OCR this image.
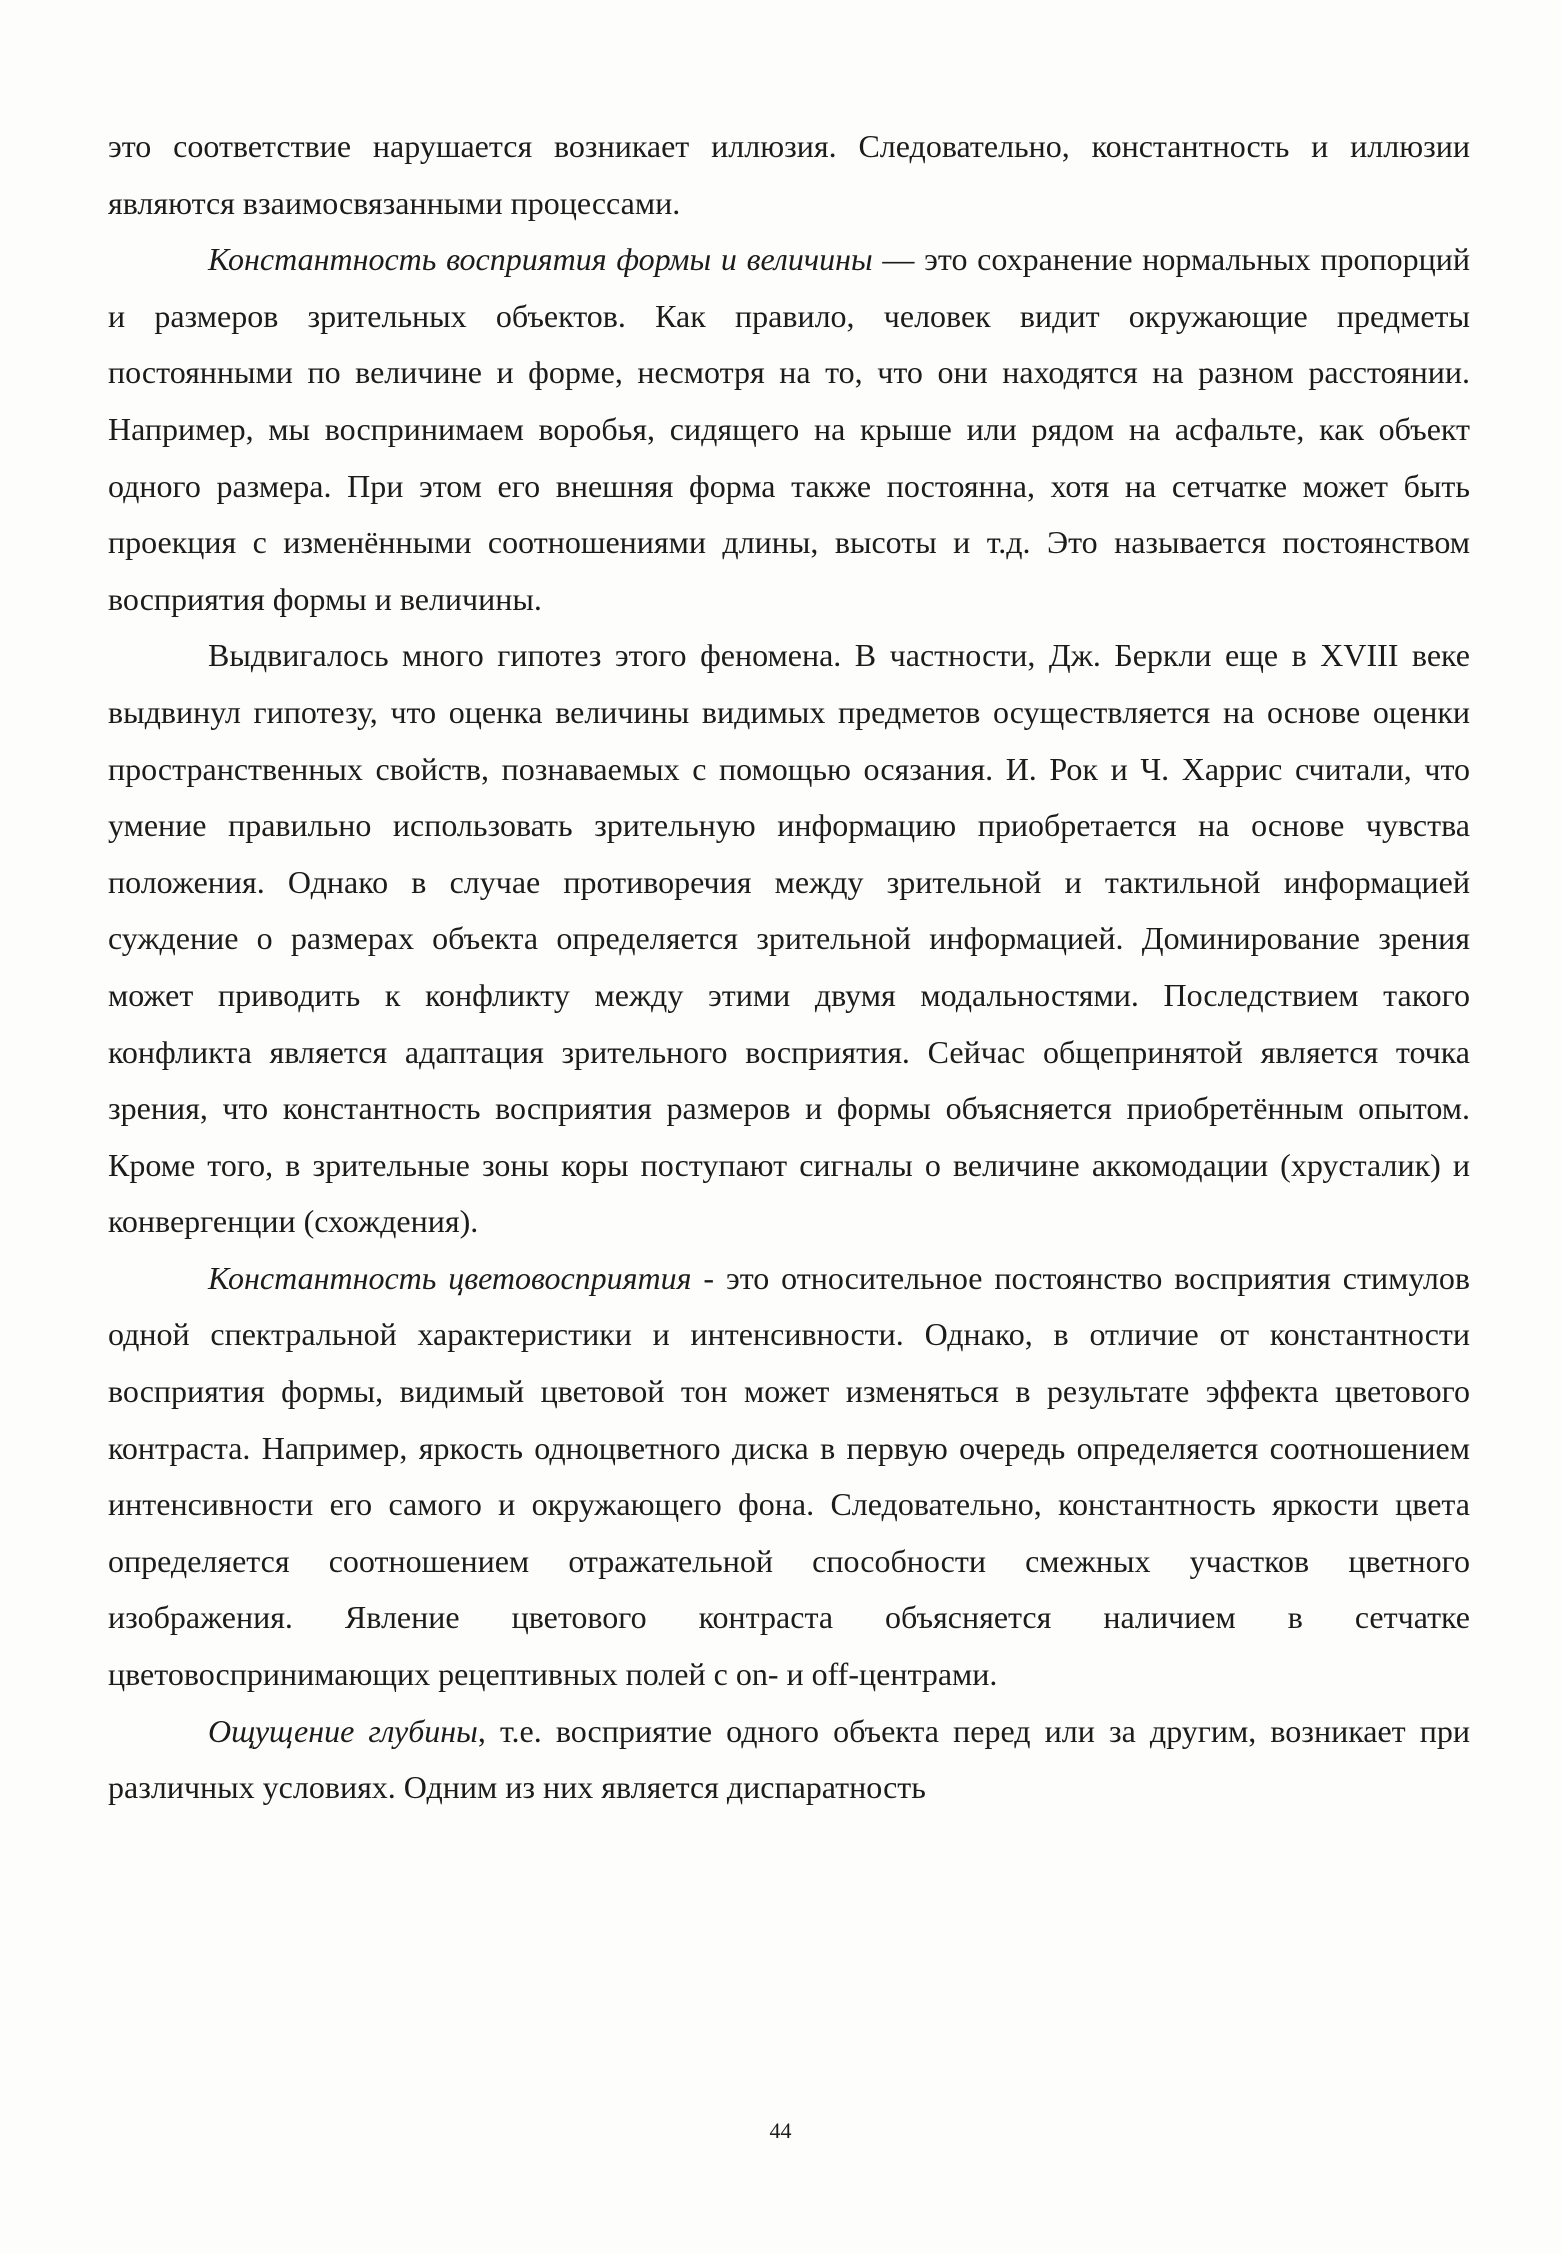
это соответствие нарушается возникает иллюзия. Следовательно, константность и иллюзии являются взаимосвязанными процессами.

Константность восприятия формы и величины — это сохранение нормальных пропорций и размеров зрительных объектов. Как правило, человек видит окружающие предметы постоянными по величине и форме, несмотря на то, что они находятся на разном расстоянии. Например, мы воспринимаем воробья, сидящего на крыше или рядом на асфальте, как объект одного размера. При этом его внешняя форма также постоянна, хотя на сетчатке может быть проекция с изменёнными соотношениями длины, высоты и т.д. Это называется постоянством восприятия формы и величины.

Выдвигалось много гипотез этого феномена. В частности, Дж. Беркли еще в XVIII веке выдвинул гипотезу, что оценка величины видимых предметов осуществляется на основе оценки пространственных свойств, познаваемых с помощью осязания. И. Рок и Ч. Харрис считали, что умение правильно использовать зрительную информацию приобретается на основе чувства положения. Однако в случае противоречия между зрительной и тактильной информацией суждение о размерах объекта определяется зрительной информацией. Доминирование зрения может приводить к конфликту между этими двумя модальностями. Последствием такого конфликта является адаптация зрительного восприятия. Сейчас общепринятой является точка зрения, что константность восприятия размеров и формы объясняется приобретённым опытом. Кроме того, в зрительные зоны коры поступают сигналы о величине аккомодации (хрусталик) и конвергенции (схождения).

Константность цветовосприятия - это относительное постоянство восприятия стимулов одной спектральной характеристики и интенсивности. Однако, в отличие от константности восприятия формы, видимый цветовой тон может изменяться в результате эффекта цветового контраста. Например, яркость одноцветного диска в первую очередь определяется соотношением интенсивности его самого и окружающего фона. Следовательно, константность яркости цвета определяется соотношением отражательной способности смежных участков цветного изображения. Явление цветового контраста объясняется наличием в сетчатке цветовоспринимающих рецептивных полей с on- и off-центрами.

Ощущение глубины, т.е. восприятие одного объекта перед или за другим, возникает при различных условиях. Одним из них является диспаратность

44
